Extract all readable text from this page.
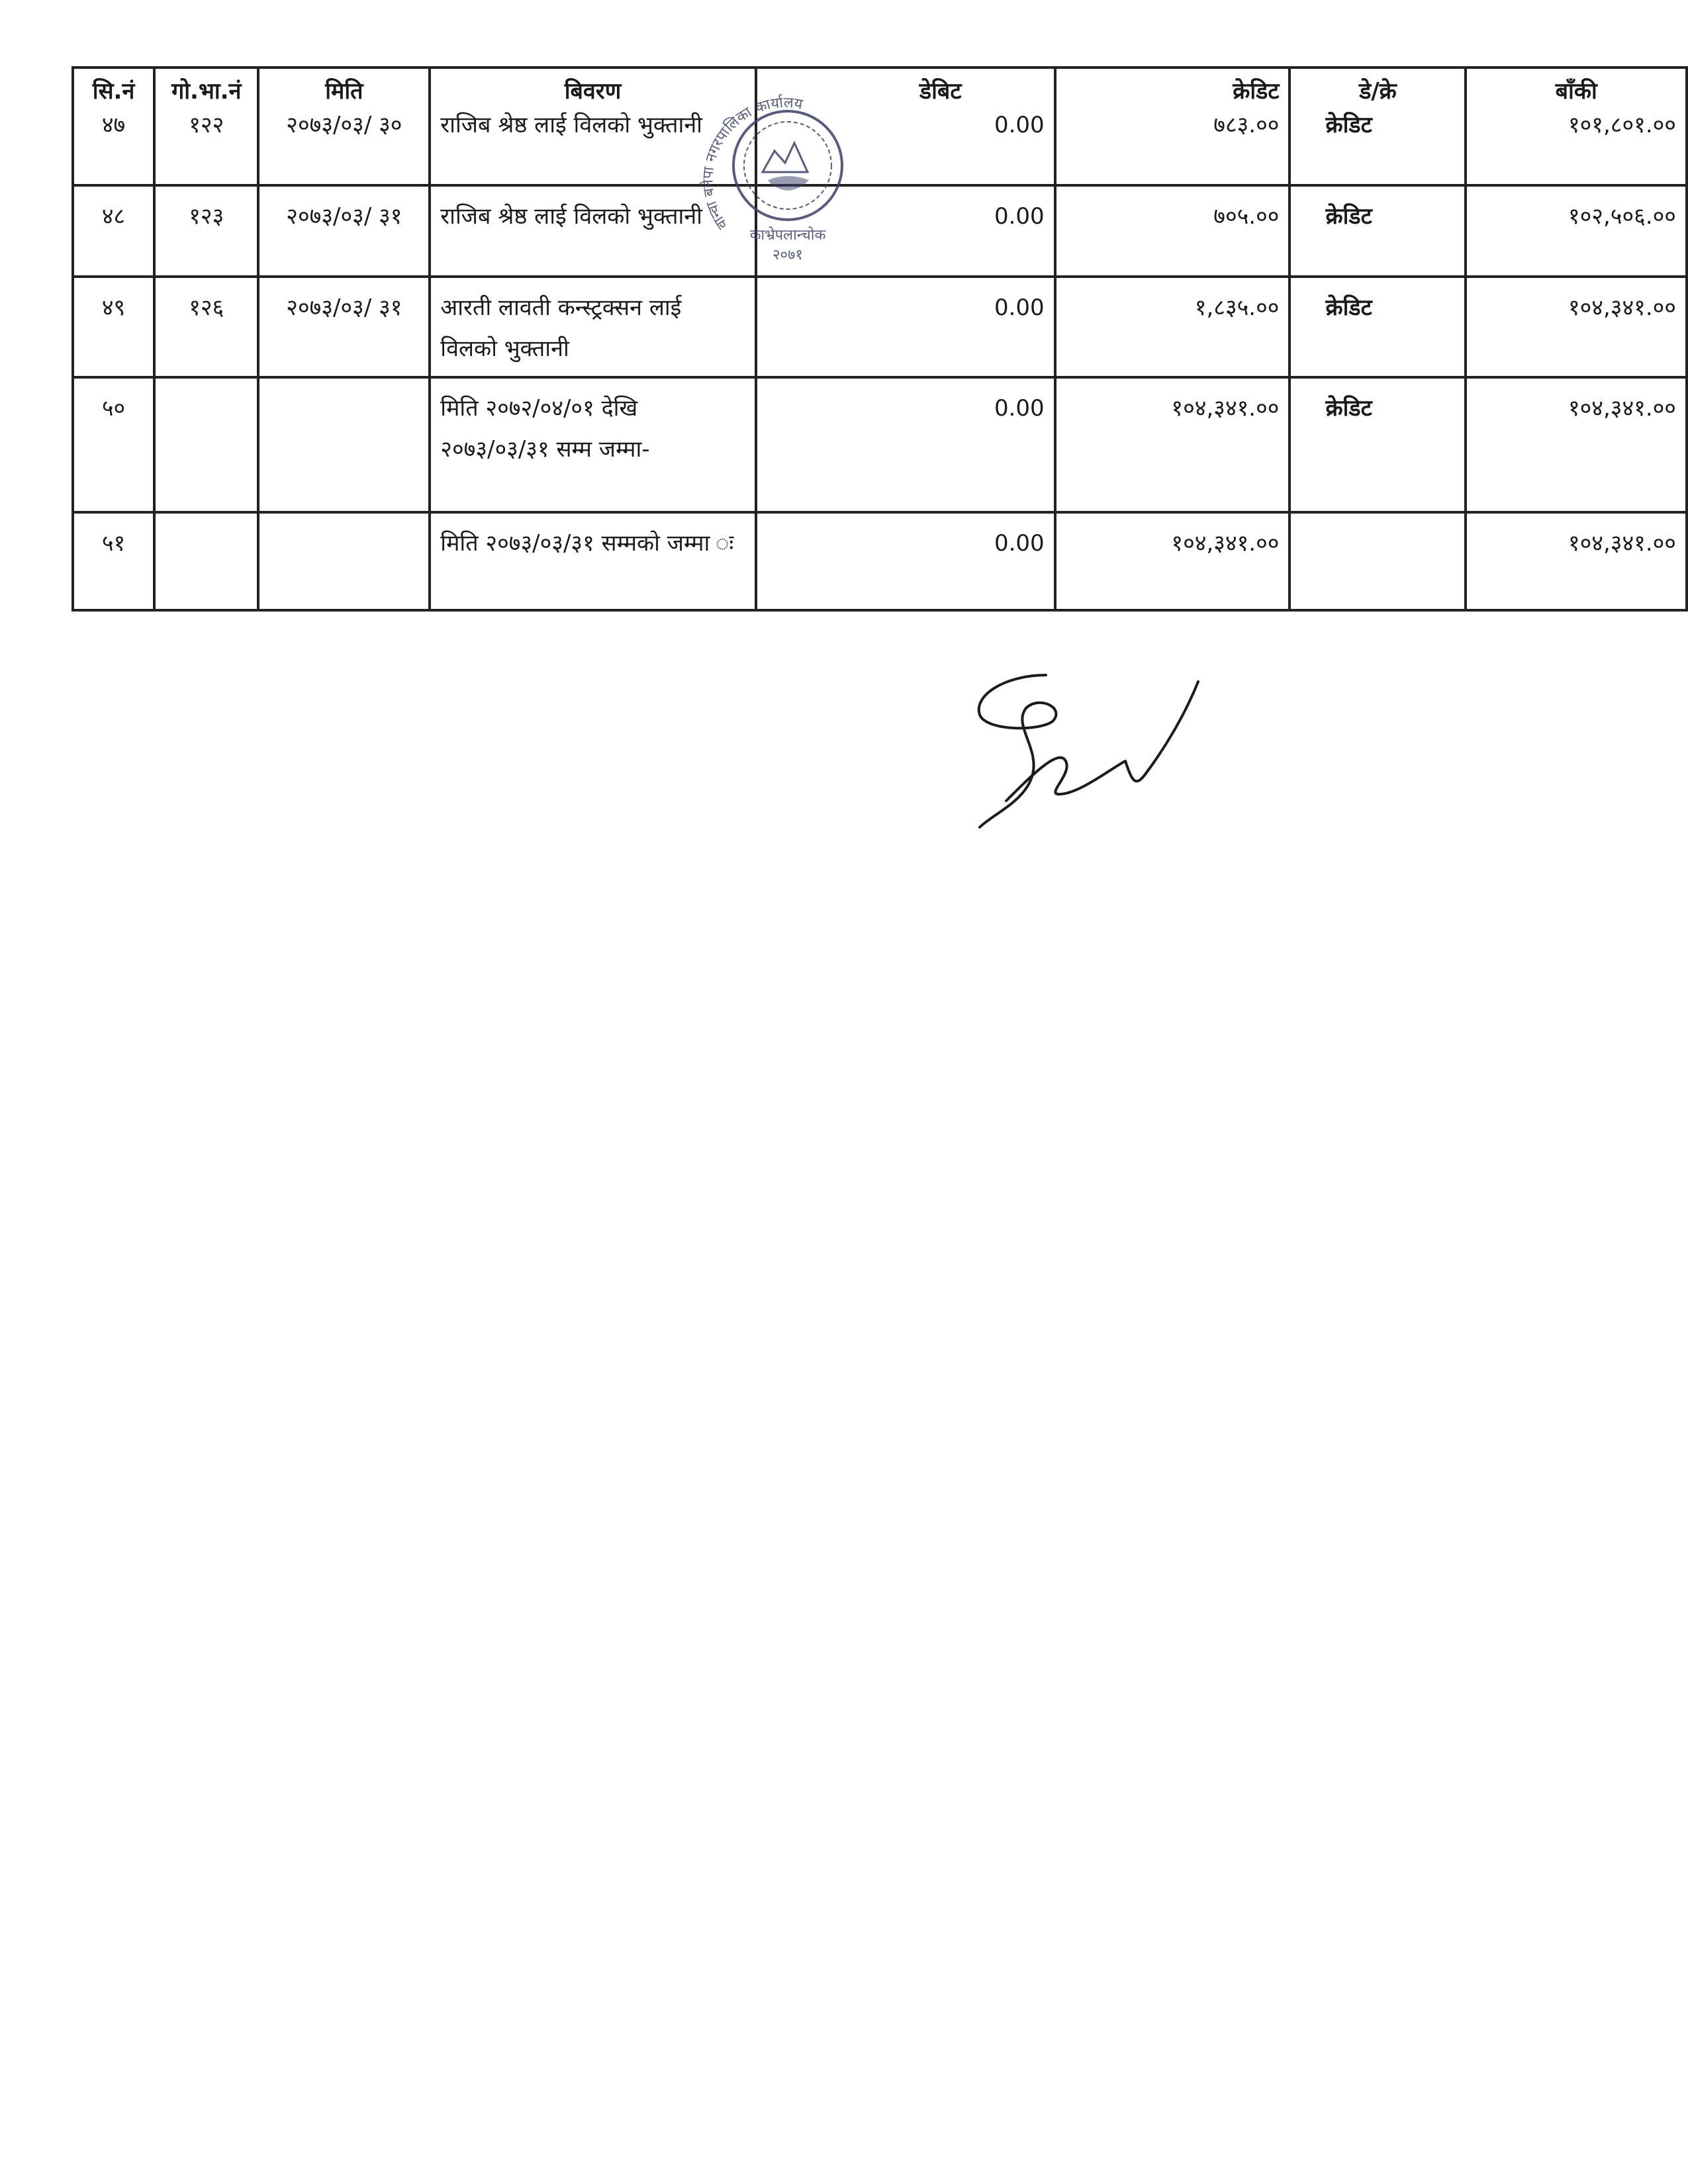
सि.नं	गो.भा.नं	मिति	बिवरण	डेबिट	क्रेडिट	डे/क्रे	बाँकी
४७	१२२	२०७३/०३/ ३०	राजिब श्रेष्ठ लाई विलको भुक्तानी	0.00	७८३.००	क्रेडिट	१०१,८०१.००
४८	१२३	२०७३/०३/ ३१	राजिब श्रेष्ठ लाई विलको भुक्तानी	0.00	७०५.००	क्रेडिट	१०२,५०६.००
४९	१२६	२०७३/०३/ ३१	आरती लावती कन्स्ट्रक्सन लाई विलको भुक्तानी	0.00	१,८३५.००	क्रेडिट	१०४,३४१.००
५०			मिति २०७२/०४/०१ देखि २०७३/०३/३१ सम्म जम्मा-	0.00	१०४,३४१.००	क्रेडिट	१०४,३४१.००
५१			मिति २०७३/०३/३१ सम्मको जम्मा ः	0.00	१०४,३४१.००		१०४,३४१.००
वान्वा बनेपा नगरपालिका कार्यालय
काभ्रेपलान्चोक
२०७१
